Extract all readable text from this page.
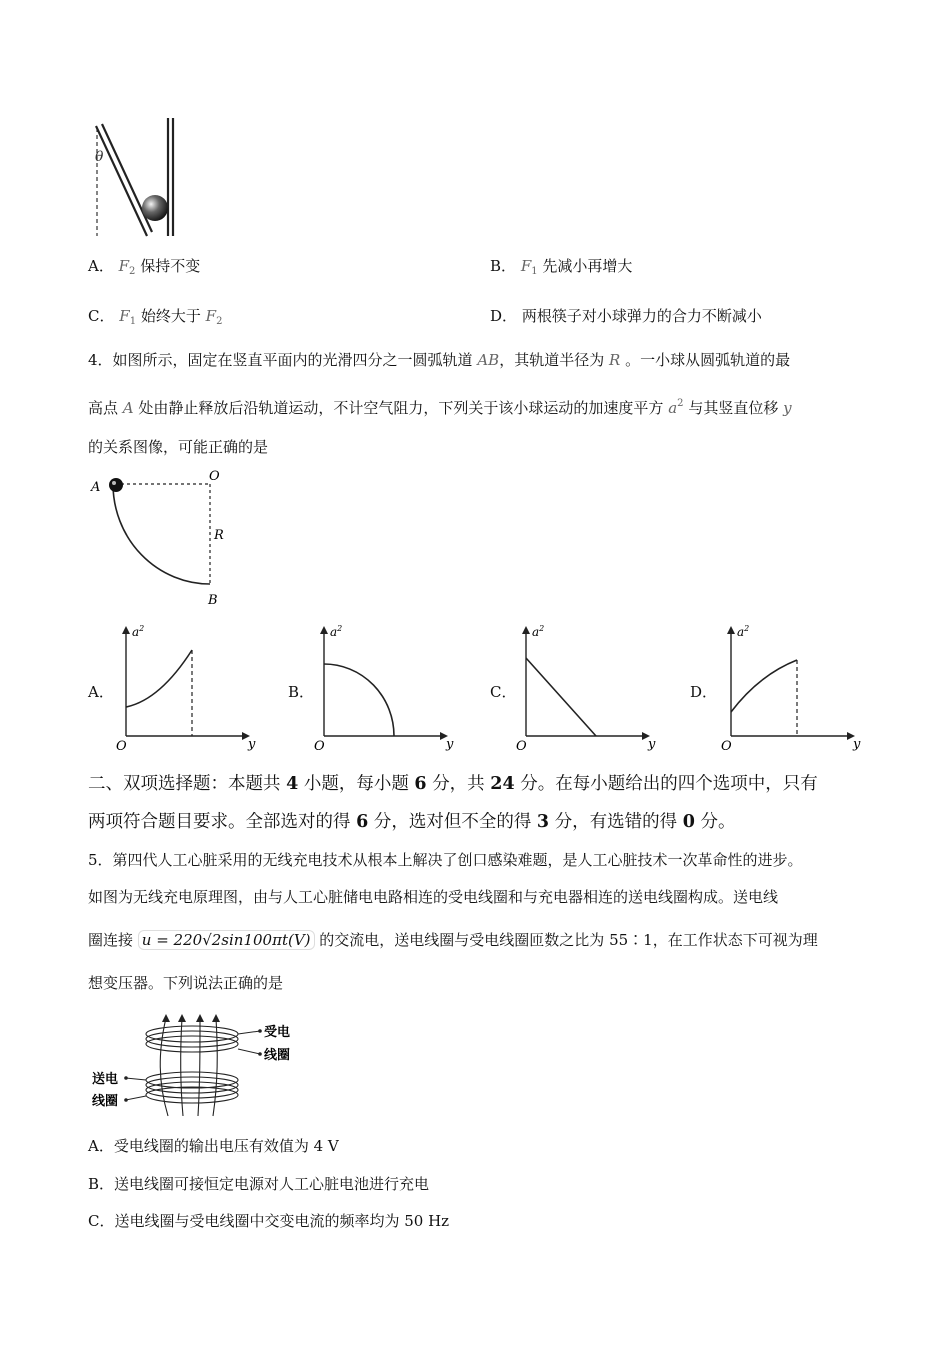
θ
A． $F_2$ 保持不变	B． $F_1$ 先减小再增大
C． $F_1$ 始终大于 $F_2$	D． 两根筷子对小球弹力的合力不断减小
4．如图所示，固定在竖直平面内的光滑四分之一圆弧轨道 AB，其轨道半径为 R 。一小球从圆弧轨道的最
高点 A 处由静止释放后沿轨道运动，不计空气阻力，下列关于该小球运动的加速度平方 $a^2$ 与其竖直位移 y
的关系图像，可能正确的是
A
O
R
B
A．	B．	C．	D．
$a^2$
y
O
$a^2$
y
O
$a^2$
y
O
$a^2$
y
O
二、双项选择题：本题共 4 小题，每小题 6 分，共 24 分。在每小题给出的四个选项中，只有
两项符合题目要求。全部选对的得 6 分，选对但不全的得 3 分，有选错的得 0 分。
5．第四代人工心脏采用的无线充电技术从根本上解决了创口感染难题，是人工心脏技术一次革命性的进步。
如图为无线充电原理图，由与人工心脏储电电路相连的受电线圈和与充电器相连的送电线圈构成。送电线
圈连接 u = 220√2sin100πt(V) 的交流电，送电线圈与受电线圈匝数之比为 55∶1，在工作状态下可视为理
想变压器。下列说法正确的是
受电
线圈
送电
线圈
A．受电线圈的输出电压有效值为 4 V
B．送电线圈可接恒定电源对人工心脏电池进行充电
C．送电线圈与受电线圈中交变电流的频率均为 50 Hz
